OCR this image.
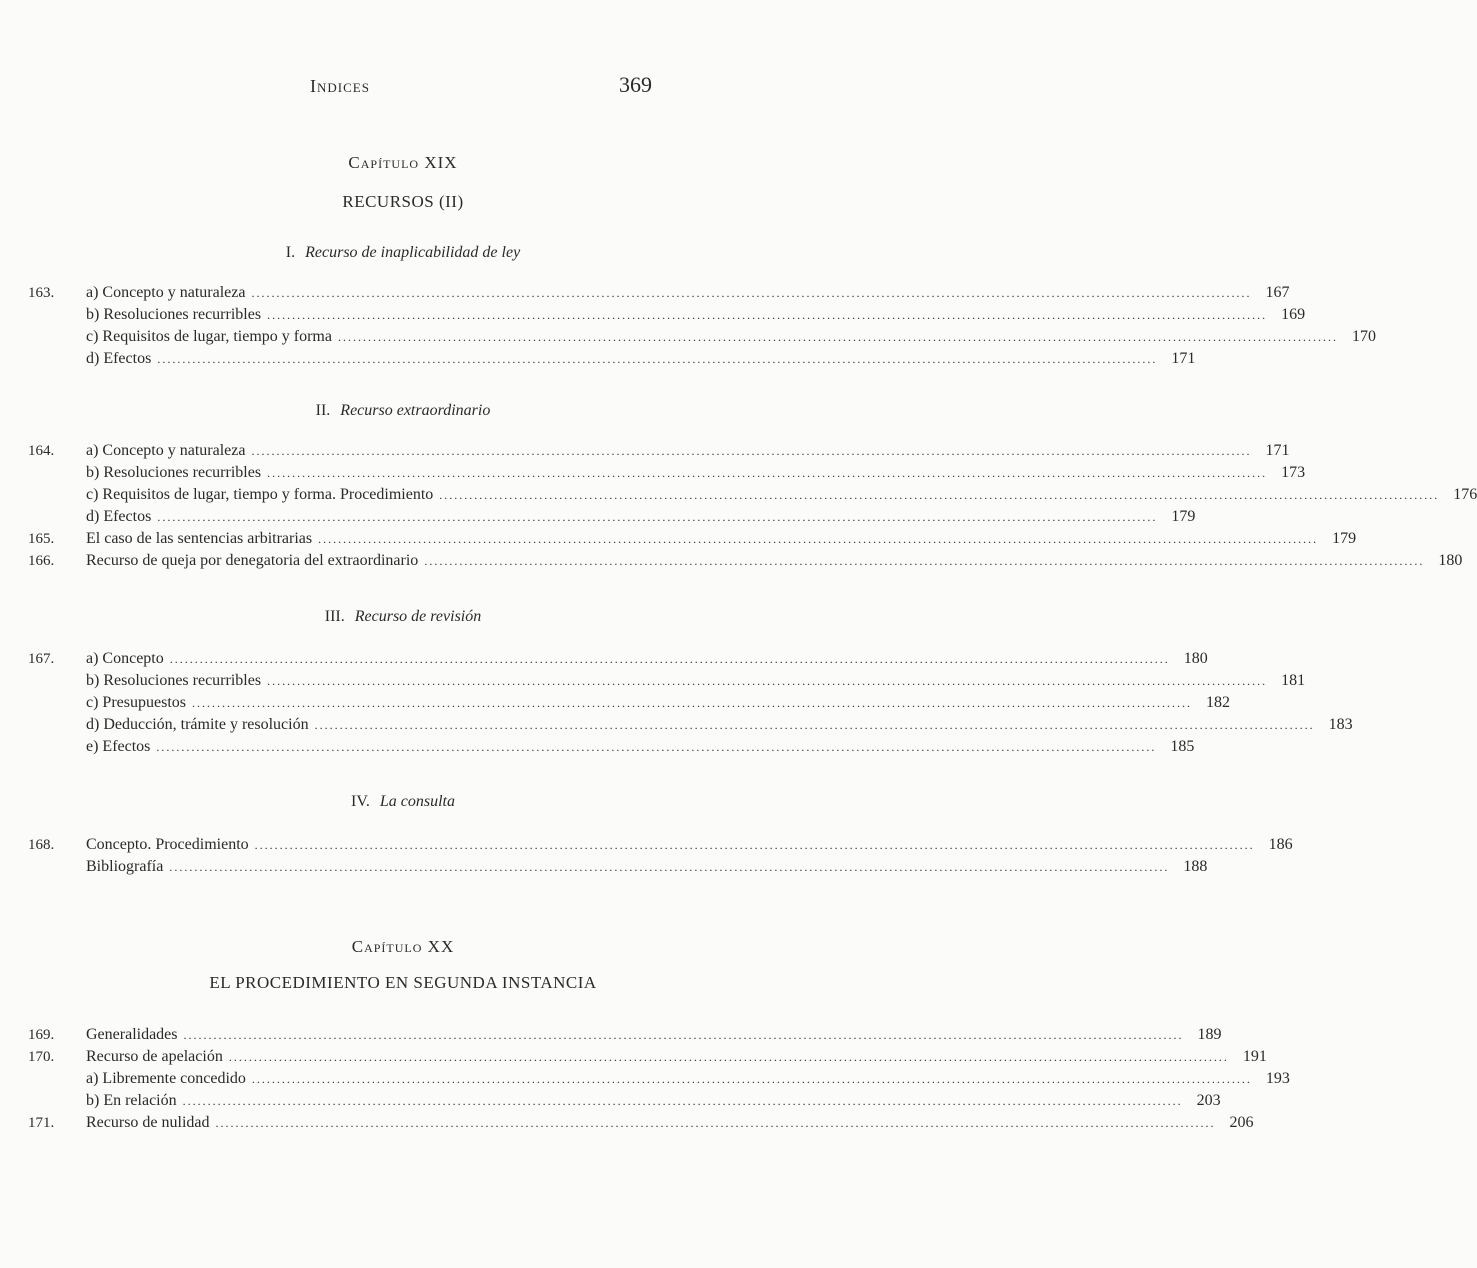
Indices	369
Capítulo XIX
RECURSOS (II)
I. Recurso de inaplicabilidad de ley
163.	a) Concepto y naturaleza ........................................................................................................................................................................................................ 167
b) Resoluciones recurribles ........................................................................................................................................................................................................ 169
c) Requisitos de lugar, tiempo y forma ........................................................................................................................................................................................................ 170
d) Efectos ........................................................................................................................................................................................................ 171
II. Recurso extraordinario
164.	a) Concepto y naturaleza ........................................................................................................................................................................................................ 171
b) Resoluciones recurribles ........................................................................................................................................................................................................ 173
c) Requisitos de lugar, tiempo y forma. Procedimiento ........................................................................................................................................................................................................ 176
d) Efectos ........................................................................................................................................................................................................ 179
165.	El caso de las sentencias arbitrarias ........................................................................................................................................................................................................ 179
166.	Recurso de queja por denegatoria del extraordinario ........................................................................................................................................................................................................ 180
III. Recurso de revisión
167.	a) Concepto ........................................................................................................................................................................................................ 180
b) Resoluciones recurribles ........................................................................................................................................................................................................ 181
c) Presupuestos ........................................................................................................................................................................................................ 182
d) Deducción, trámite y resolución ........................................................................................................................................................................................................ 183
e) Efectos ........................................................................................................................................................................................................ 185
IV. La consulta
168.	Concepto. Procedimiento ........................................................................................................................................................................................................ 186
Bibliografía ........................................................................................................................................................................................................ 188
Capítulo XX
EL PROCEDIMIENTO EN SEGUNDA INSTANCIA
169.	Generalidades ........................................................................................................................................................................................................ 189
170.	Recurso de apelación ........................................................................................................................................................................................................ 191
a) Libremente concedido ........................................................................................................................................................................................................ 193
b) En relación ........................................................................................................................................................................................................ 203
171.	Recurso de nulidad ........................................................................................................................................................................................................ 206
